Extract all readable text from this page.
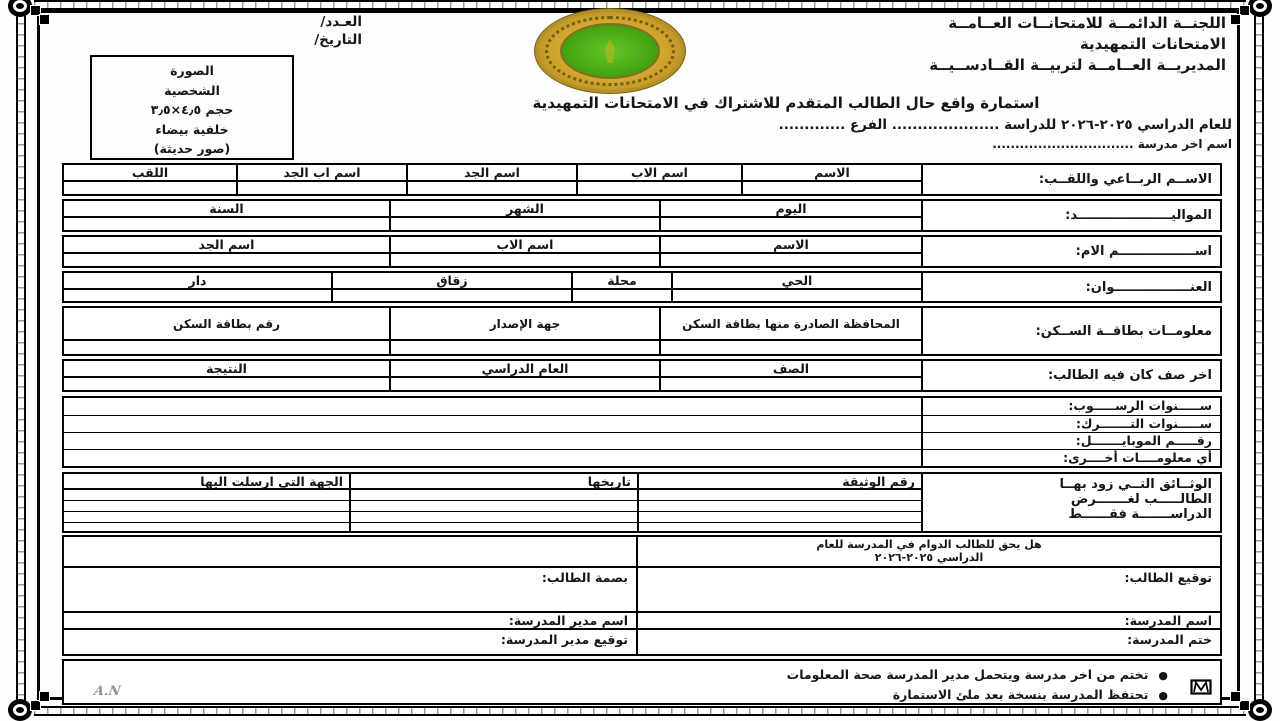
اللجنــة الدائمــة للامتحانــات العــامــة
الامتحانات التمهيدية
المديريــة العــامــة لتربيــة القــادســيــة
العـدد/
التاريخ/
الصورة
الشخصية
حجم ٤٫٥×٣٫٥
خلفية بيضاء
(صور حديثة)
استمارة واقع حال الطالب المتقدم للاشتراك في الامتحانات التمهيدية
للعام الدراسي ٢٠٢٥-٢٠٢٦ للدراسة ..................... الفرع .............
اسم اخر مدرسة ...............................
الاســم الربــاعي واللقــب:
الاسم
اسم الاب
اسم الجد
اسم اب الجد
اللقب
المواليـــــــــــــــــــــد:
اليوم
الشهر
السنة
اســـــــــــــــــم الام:
الاسم
اسم الاب
اسم الجد
العنـــــــــــــــــوان:
الحي
محلة
زقاق
دار
معلومــات بطاقــة الســكن:
المحافظة الصادرة منها بطاقة السكن
جهة الإصدار
رقم بطاقة السكن
اخر صف كان فيه الطالب:
الصف
العام الدراسي
النتيجة
ســـــنوات الرســـــوب:
ســـــنوات التـــــــرك:
رقـــــم الموبايـــــــل:
أي معلومــــات أخــــرى:
الوثــائق التــي زود بهــا
الطالـــــب لغـــــــرض
الدراســـــــة فقــــــط
رقم الوثيقة
تاريخها
الجهة التي ارسلت اليها
هل يحق للطالب الدوام في المدرسة للعام
الدراسي ٢٠٢٥-٢٠٢٦
توقيع الطالب:
بصمة الطالب:
اسم المدرسة:
اسم مدير المدرسة:
ختم المدرسة:
توقيع مدير المدرسة:
●تختم من اخر مدرسة ويتحمل مدير المدرسة صحة المعلومات
●تحتفظ المدرسة بنسخة بعد ملئ الاستمارة
A.N
